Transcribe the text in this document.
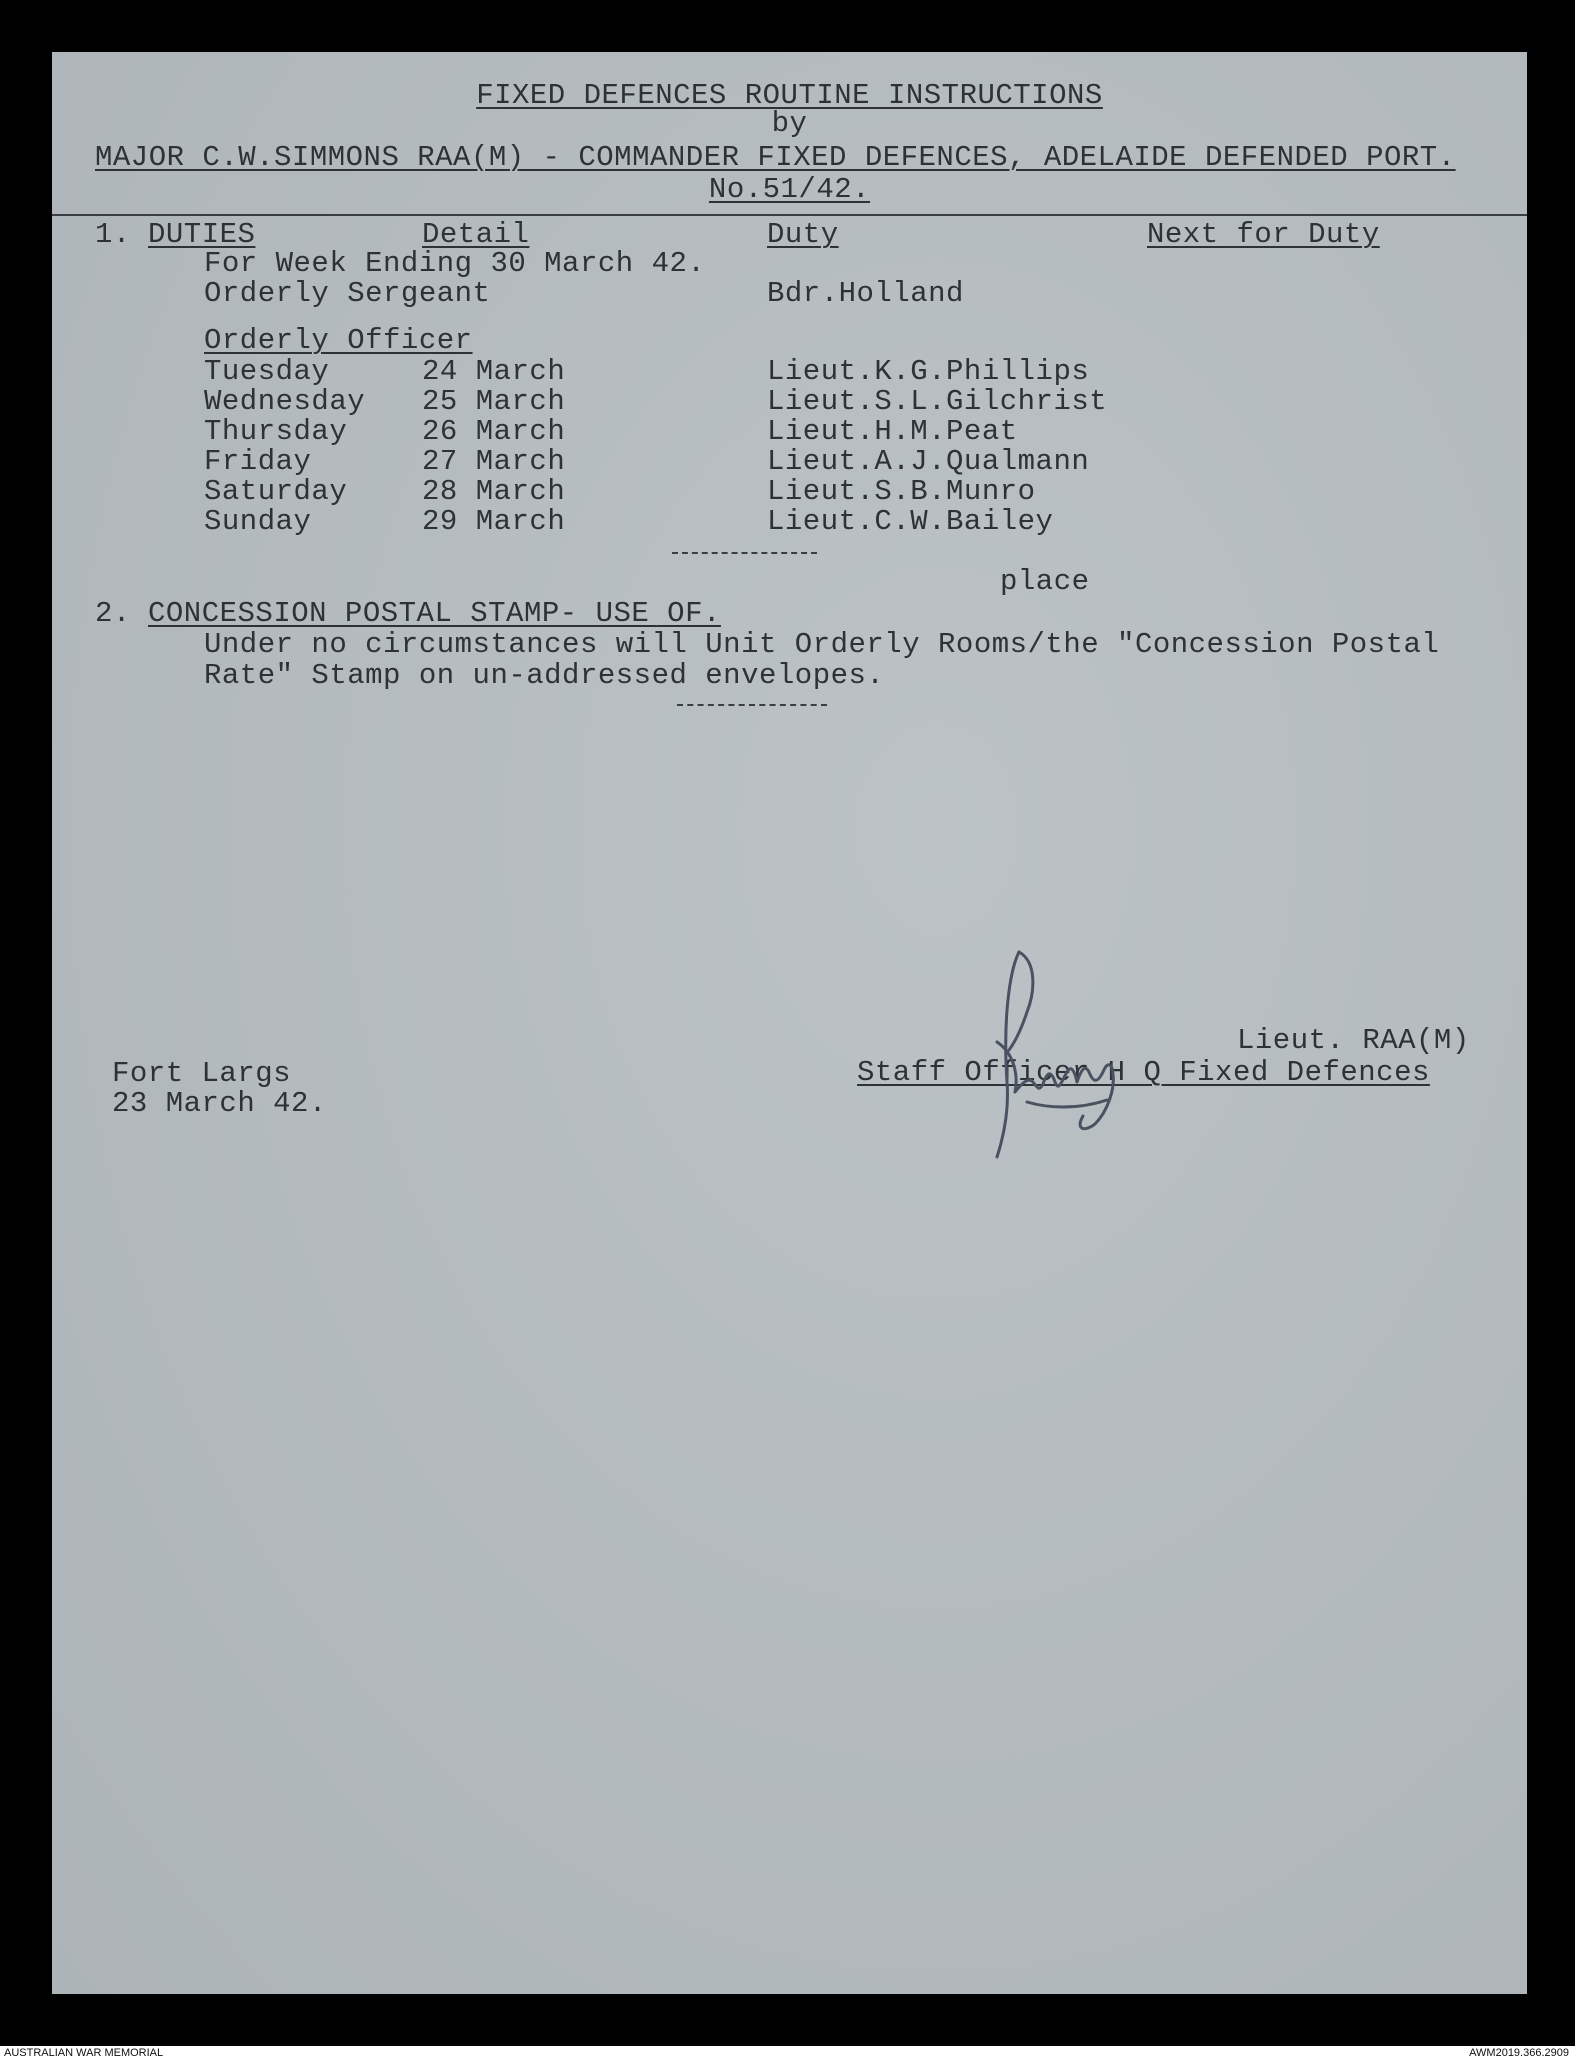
FIXED DEFENCES ROUTINE INSTRUCTIONS
by
MAJOR C.W.SIMMONS RAA(M) - COMMANDER FIXED DEFENCES, ADELAIDE DEFENDED PORT.
No.51/42.
1. DUTIES	Detail	Duty	Next for Duty
For Week Ending 30 March 42.
Orderly Sergeant	Bdr.Holland
Orderly Officer
Tuesday	24 March	Lieut.K.G.Phillips
Wednesday 25 March	Lieut.S.L.Gilchrist
Thursday	26 March	Lieut.H.M.Peat
Friday	27 March	Lieut.A.J.Qualmann
Saturday	28 March	Lieut.S.B.Munro
Sunday	29 March	Lieut.C.W.Bailey
place
2. CONCESSION POSTAL STAMP- USE OF.
Under no circumstances will Unit Orderly Rooms/the "Concession Postal
Rate" Stamp on un-addressed envelopes.
Fort Largs
23 March 42.
Lieut. RAA(M)
Staff Officer H Q Fixed Defences
AUSTRALIAN WAR MEMORIAL	AWM2019.366.2909
